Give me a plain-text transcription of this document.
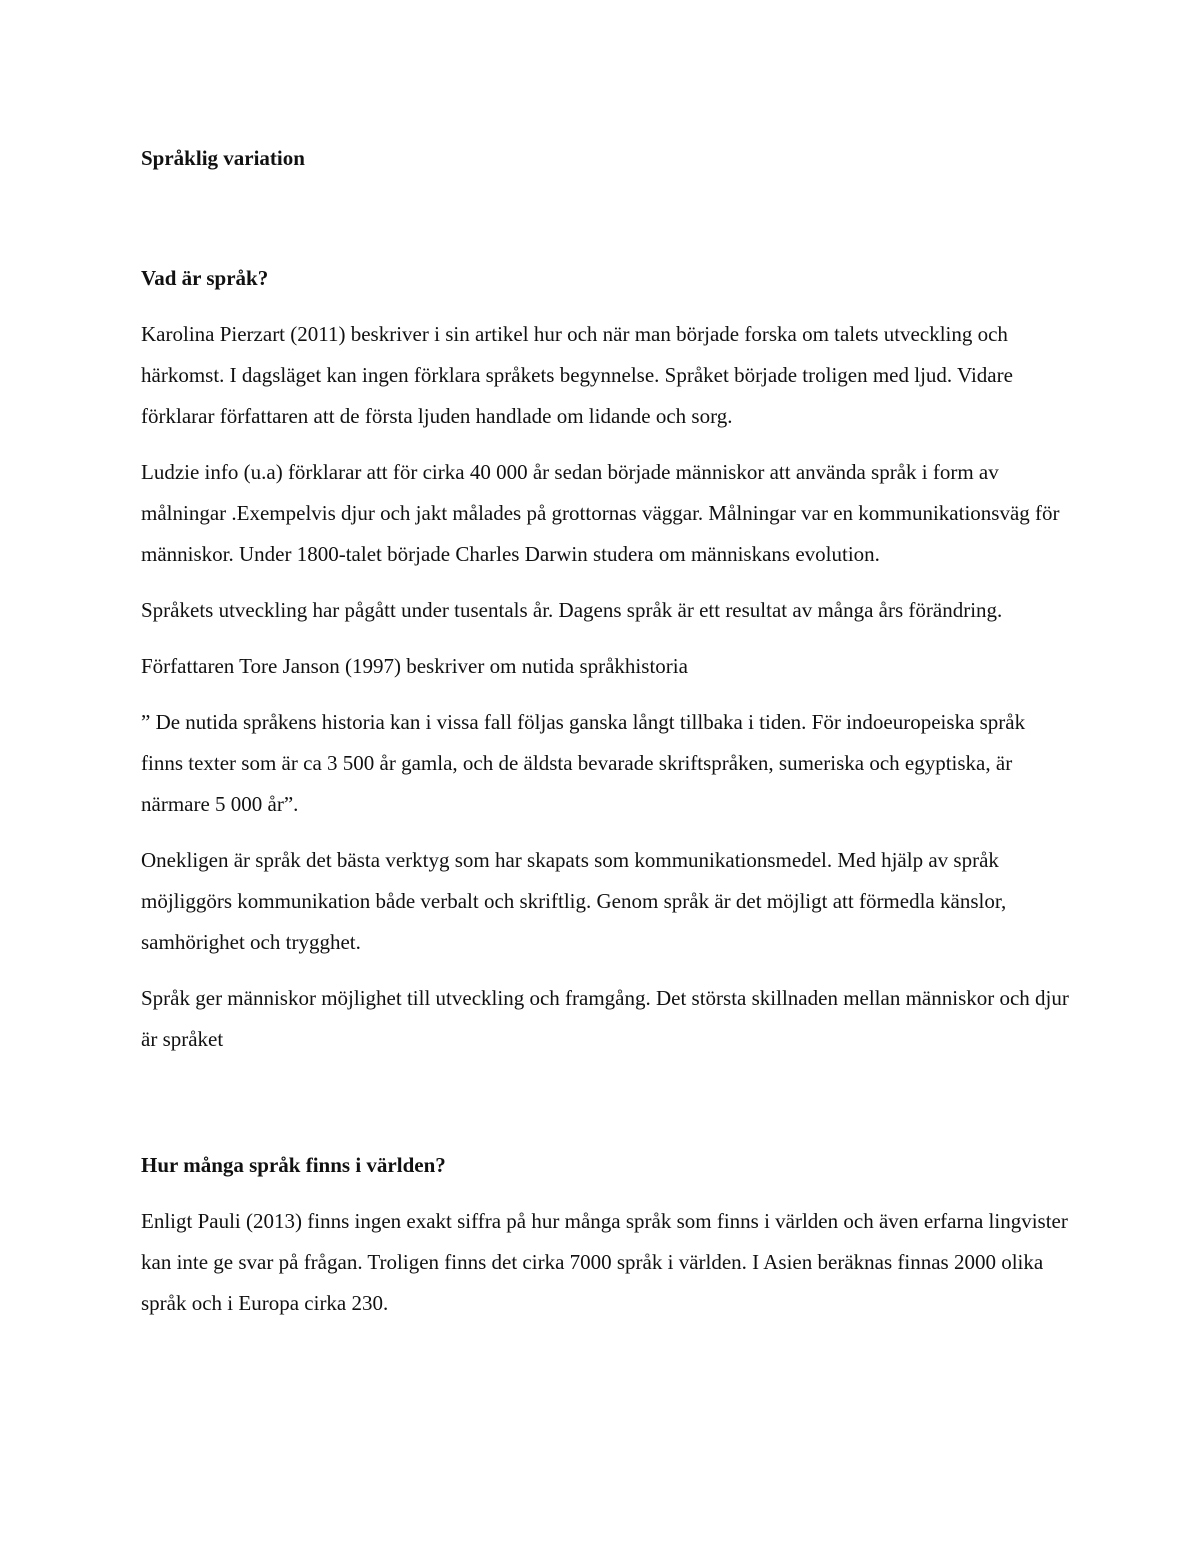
Språklig variation
Vad är språk?

Karolina Pierzart (2011) beskriver i sin artikel hur och när man började forska om talets utveckling och härkomst. I dagsläget kan ingen förklara språkets begynnelse. Språket började troligen med ljud. Vidare förklarar författaren att de första ljuden handlade om lidande och sorg.

Ludzie info (u.a) förklarar att för cirka 40 000 år sedan började människor att använda språk i form av målningar .Exempelvis djur och jakt målades på grottornas väggar. Målningar var en kommunikationsväg för människor. Under 1800-talet började Charles Darwin studera om människans evolution.

Språkets utveckling har pågått under tusentals år. Dagens språk är ett resultat av många års förändring.

Författaren Tore Janson (1997) beskriver om nutida språkhistoria

” De nutida språkens historia kan i vissa fall följas ganska långt tillbaka i tiden. För indoeuropeiska språk finns texter som är ca 3 500 år gamla, och de äldsta bevarade skriftspråken, sumeriska och egyptiska, är närmare 5 000 år”.

Onekligen är språk det bästa verktyg som har skapats som kommunikationsmedel. Med hjälp av språk möjliggörs kommunikation både verbalt och skriftlig. Genom språk är det möjligt att förmedla känslor, samhörighet och trygghet.

Språk ger människor möjlighet till utveckling och framgång. Det största skillnaden mellan människor och djur är språket

Hur många språk finns i världen?

Enligt Pauli (2013) finns ingen exakt siffra på hur många språk som finns i världen och även erfarna lingvister kan inte ge svar på frågan. Troligen finns det cirka 7000 språk i världen. I Asien beräknas finnas 2000 olika språk och i Europa cirka 230.
